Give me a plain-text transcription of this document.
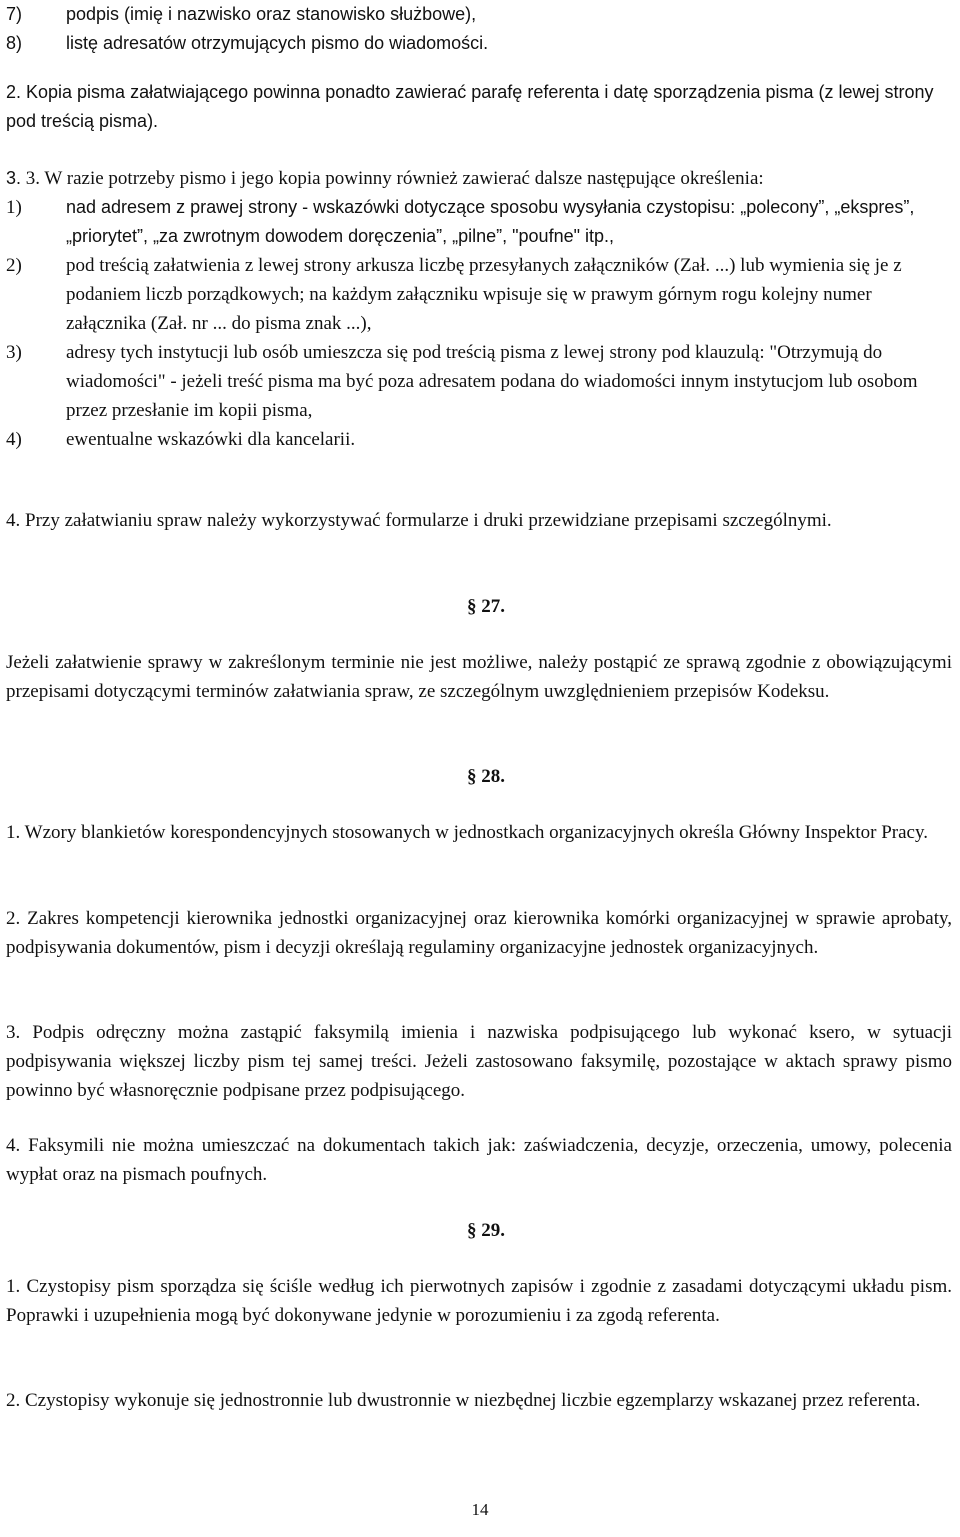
7)	podpis (imię i nazwisko oraz stanowisko służbowe),
8)	listę adresatów otrzymujących pismo do wiadomości.
2. Kopia pisma załatwiającego powinna ponadto zawierać parafę referenta i datę sporządzenia pisma (z lewej strony pod treścią pisma).
3. 3. W razie potrzeby pismo i jego kopia powinny również zawierać dalsze następujące określenia:
1)	nad adresem z prawej strony - wskazówki dotyczące sposobu wysyłania czystopisu: „polecony”, „ekspres”, „priorytet”, „za zwrotnym dowodem doręczenia”, „pilne”, "poufne" itp.,
2)	pod treścią załatwienia z lewej strony arkusza liczbę przesyłanych załączników (Zał. ...) lub wymienia się je z podaniem liczb porządkowych; na każdym załączniku wpisuje się w prawym górnym rogu kolejny numer załącznika (Zał. nr ... do pisma znak ...),
3)	adresy tych instytucji lub osób umieszcza się pod treścią pisma z lewej strony pod klauzulą: "Otrzymują do wiadomości" - jeżeli treść pisma ma być poza adresatem podana do wiadomości innym instytucjom lub osobom przez przesłanie im kopii pisma,
4)	ewentualne wskazówki dla kancelarii.
4. Przy załatwianiu spraw należy wykorzystywać formularze i druki przewidziane przepisami szczególnymi.
§ 27.
Jeżeli załatwienie sprawy w zakreślonym terminie nie jest możliwe, należy postąpić ze sprawą zgodnie z obowiązującymi przepisami dotyczącymi terminów załatwiania spraw, ze szczególnym uwzględnieniem przepisów Kodeksu.
§ 28.
1. Wzory blankietów korespondencyjnych stosowanych w jednostkach organizacyjnych określa Główny Inspektor Pracy.
2. Zakres kompetencji kierownika jednostki organizacyjnej oraz kierownika komórki organizacyjnej w sprawie aprobaty, podpisywania dokumentów, pism i decyzji określają regulaminy organizacyjne jednostek organizacyjnych.
3. Podpis odręczny można zastąpić faksymilą imienia i nazwiska podpisującego lub wykonać ksero, w sytuacji podpisywania większej liczby pism tej samej treści. Jeżeli zastosowano faksymilę, pozostające w aktach sprawy pismo powinno być własnoręcznie podpisane przez podpisującego.
4. Faksymili nie można umieszczać na dokumentach takich jak: zaświadczenia, decyzje, orzeczenia, umowy, polecenia wypłat oraz na pismach poufnych.
§ 29.
1. Czystopisy pism sporządza się ściśle według ich pierwotnych zapisów i zgodnie z zasadami dotyczącymi układu pism. Poprawki i uzupełnienia mogą być dokonywane jedynie w porozumieniu i za zgodą referenta.
2. Czystopisy wykonuje się jednostronnie lub dwustronnie w niezbędnej liczbie egzemplarzy wskazanej przez referenta.
14
